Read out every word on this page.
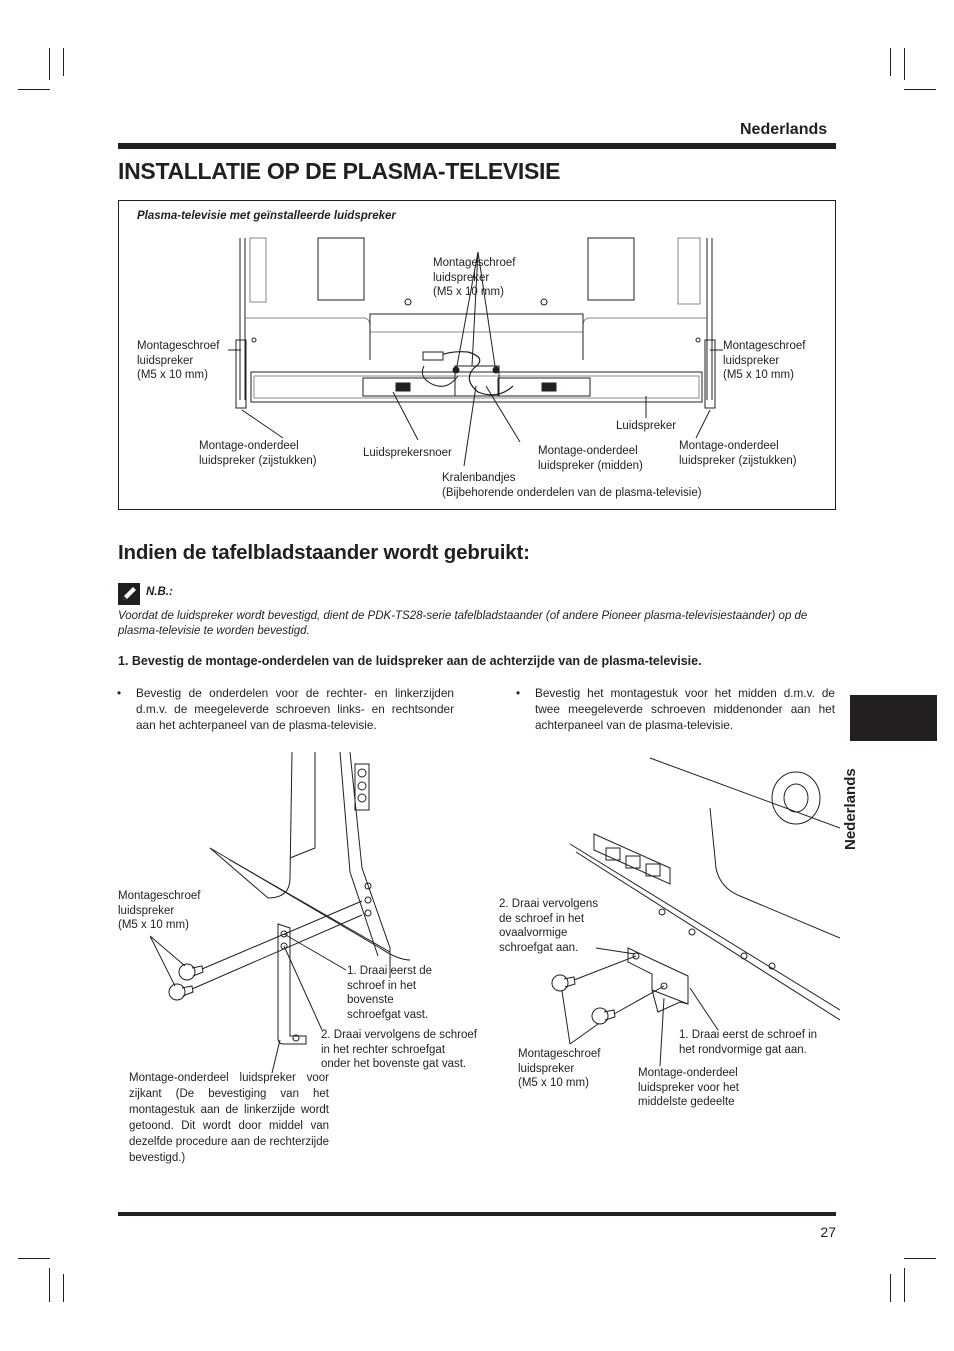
Nederlands
INSTALLATIE OP DE PLASMA-TELEVISIE
Plasma-televisie met geïnstalleerde luidspreker
Montageschroef
luidspreker
(M5 x 10 mm)
Montageschroef
luidspreker
(M5 x 10 mm)
Montageschroef
luidspreker
(M5 x 10 mm)
Luidspreker
Montage-onderdeel
luidspreker (zijstukken)
Luidsprekersnoer	Montage-onderdeel
luidspreker (midden)
Montage-onderdeel
luidspreker (zijstukken)
Kralenbandjes
(Bijbehorende onderdelen van de plasma-televisie)
Indien de tafelbladstaander wordt gebruikt:
N.B.:
Voordat de luidspreker wordt bevestigd, dient de PDK-TS28-serie tafelbladstaander (of andere Pioneer plasma-televisiestaander) op de plasma-televisie te worden bevestigd.
1. Bevestig de montage-onderdelen van de luidspreker aan de achterzijde van de plasma-televisie.
• Bevestig de onderdelen voor de rechter- en linkerzijden d.m.v. de meegeleverde schroeven links- en rechtsonder aan het achterpaneel van de plasma-televisie.
• Bevestig het montagestuk voor het midden d.m.v. de twee meegeleverde schroeven middenonder aan het achterpaneel van de plasma-televisie.
Montageschroef
luidspreker
(M5 x 10 mm)
1. Draai eerst de
schroef in het
bovenste
schroefgat vast.
2. Draai vervolgens de schroef
in het rechter schroefgat
onder het bovenste gat vast.
Montage-onderdeel luidspreker voor zijkant (De bevestiging van het montagestuk aan de linkerzijde wordt getoond. Dit wordt door middel van dezelfde procedure aan de rechterzijde bevestigd.)
2. Draai vervolgens
de schroef in het
ovaalvormige
schroefgat aan.
1. Draai eerst de schroef in
het rondvormige gat aan.
Montageschroef
luidspreker
(M5 x 10 mm)
Montage-onderdeel
luidspreker voor het
middelste gedeelte
Nederlands
27
